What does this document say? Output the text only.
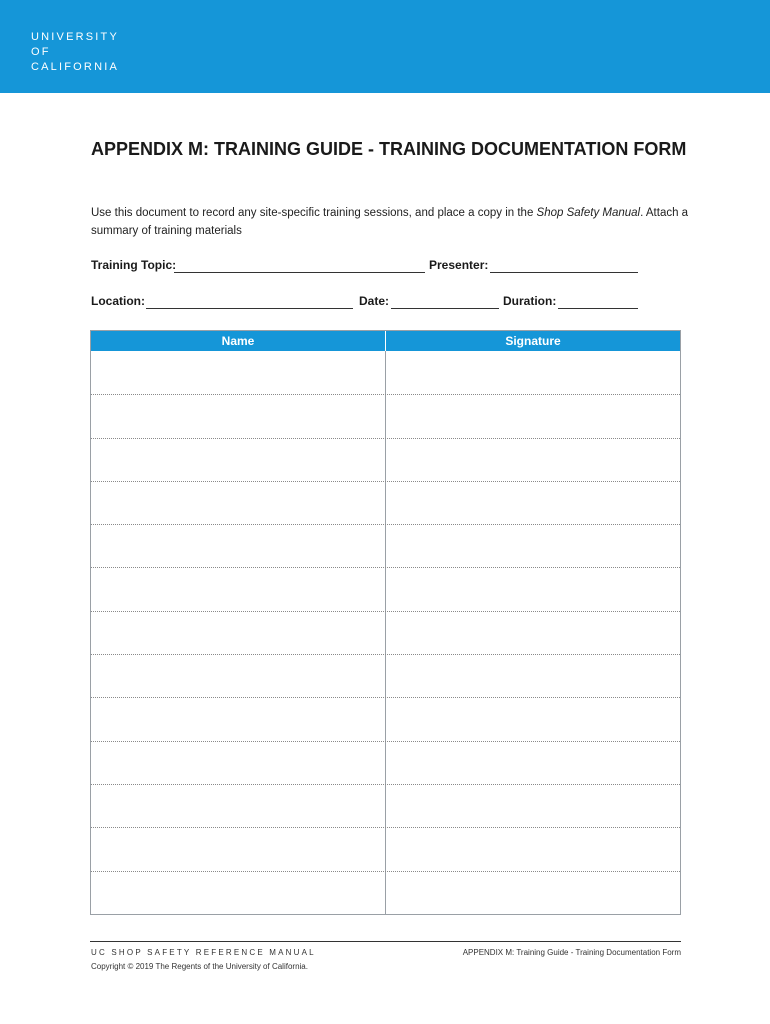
UNIVERSITY
OF
CALIFORNIA
APPENDIX M: TRAINING GUIDE - TRAINING DOCUMENTATION FORM

Use this document to record any site-specific training sessions, and place a copy in the Shop Safety Manual. Attach a summary of training materials

Training Topic:	Presenter:
Location:	Date:	Duration:
Name	Signature
UC SHOP SAFETY REFERENCE MANUAL
Copyright © 2019 The Regents of the University of California.
APPENDIX M: Training Guide - Training Documentation Form
